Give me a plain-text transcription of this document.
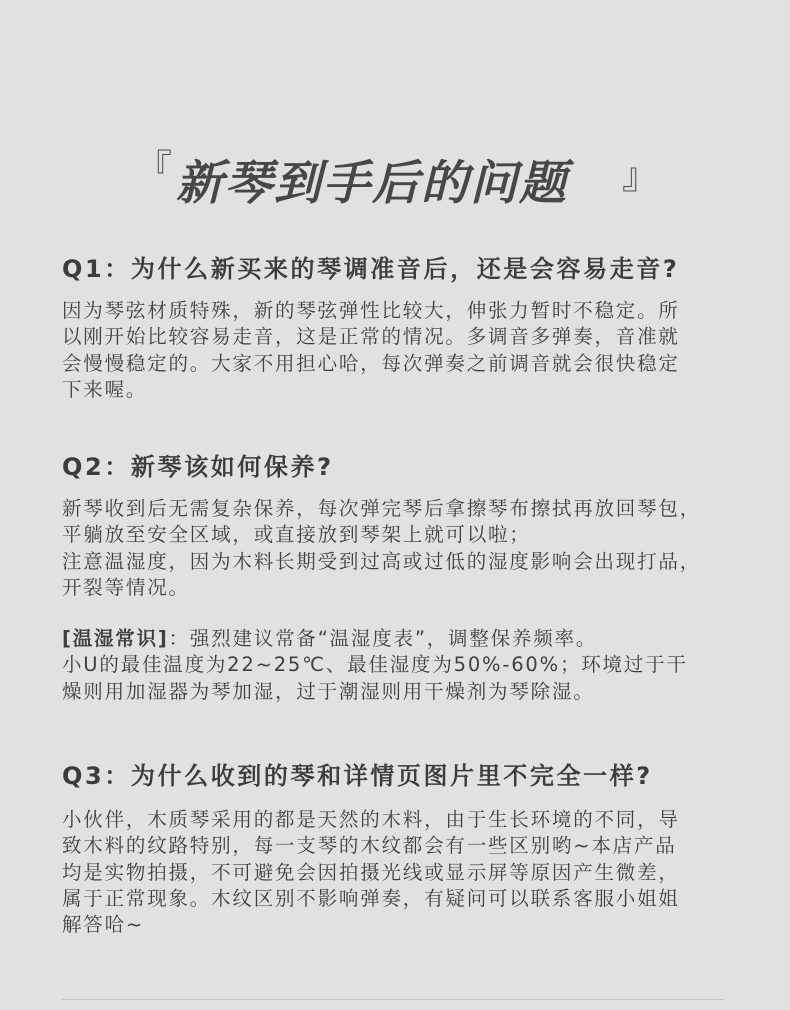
『 新琴到手后的问题 』
Q1：为什么新买来的琴调准音后，还是会容易走音?

因为琴弦材质特殊，新的琴弦弹性比较大，伸张力暂时不稳定。所
以刚开始比较容易走音，这是正常的情况。多调音多弹奏，音准就
会慢慢稳定的。大家不用担心哈，每次弹奏之前调音就会很快稳定
下来喔。

Q2：新琴该如何保养?

新琴收到后无需复杂保养，每次弹完琴后拿擦琴布擦拭再放回琴包，
平躺放至安全区域，或直接放到琴架上就可以啦；
注意温湿度，因为木料长期受到过高或过低的湿度影响会出现打品，
开裂等情况。

[温湿常识]：强烈建议常备“温湿度表”，调整保养频率。
小U的最佳温度为22~25℃、最佳湿度为50%-60%；环境过于干
燥则用加湿器为琴加湿，过于潮湿则用干燥剂为琴除湿。

Q3：为什么收到的琴和详情页图片里不完全一样?

小伙伴，木质琴采用的都是天然的木料，由于生长环境的不同，导
致木料的纹路特别，每一支琴的木纹都会有一些区别哟~本店产品
均是实物拍摄，不可避免会因拍摄光线或显示屏等原因产生微差，
属于正常现象。木纹区别不影响弹奏，有疑问可以联系客服小姐姐
解答哈~
